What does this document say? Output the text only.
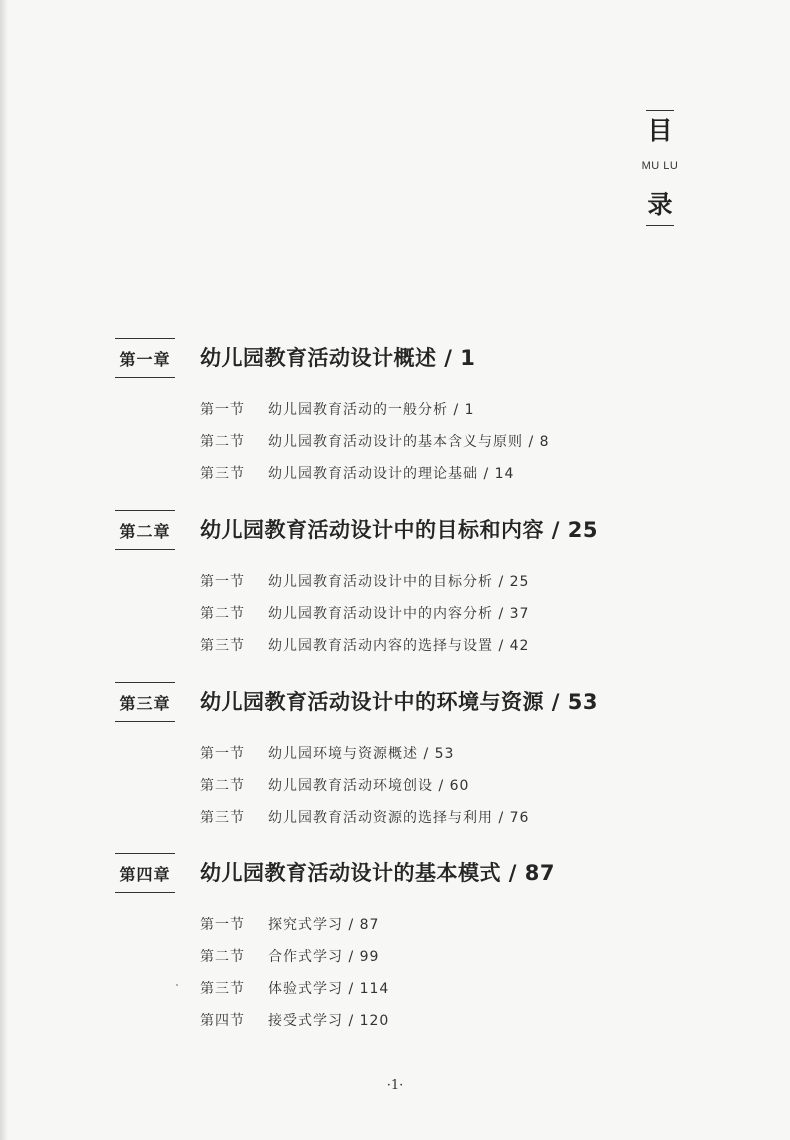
目
MU LU
录
第一章 幼儿园教育活动设计概述 / 1
第一节 幼儿园教育活动的一般分析 / 1
第二节 幼儿园教育活动设计的基本含义与原则 / 8
第三节 幼儿园教育活动设计的理论基础 / 14
第二章 幼儿园教育活动设计中的目标和内容 / 25
第一节 幼儿园教育活动设计中的目标分析 / 25
第二节 幼儿园教育活动设计中的内容分析 / 37
第三节 幼儿园教育活动内容的选择与设置 / 42
第三章 幼儿园教育活动设计中的环境与资源 / 53
第一节 幼儿园环境与资源概述 / 53
第二节 幼儿园教育活动环境创设 / 60
第三节 幼儿园教育活动资源的选择与利用 / 76
第四章 幼儿园教育活动设计的基本模式 / 87
第一节 探究式学习 / 87
第二节 合作式学习 / 99
第三节 体验式学习 / 114
第四节 接受式学习 / 120
·1·
